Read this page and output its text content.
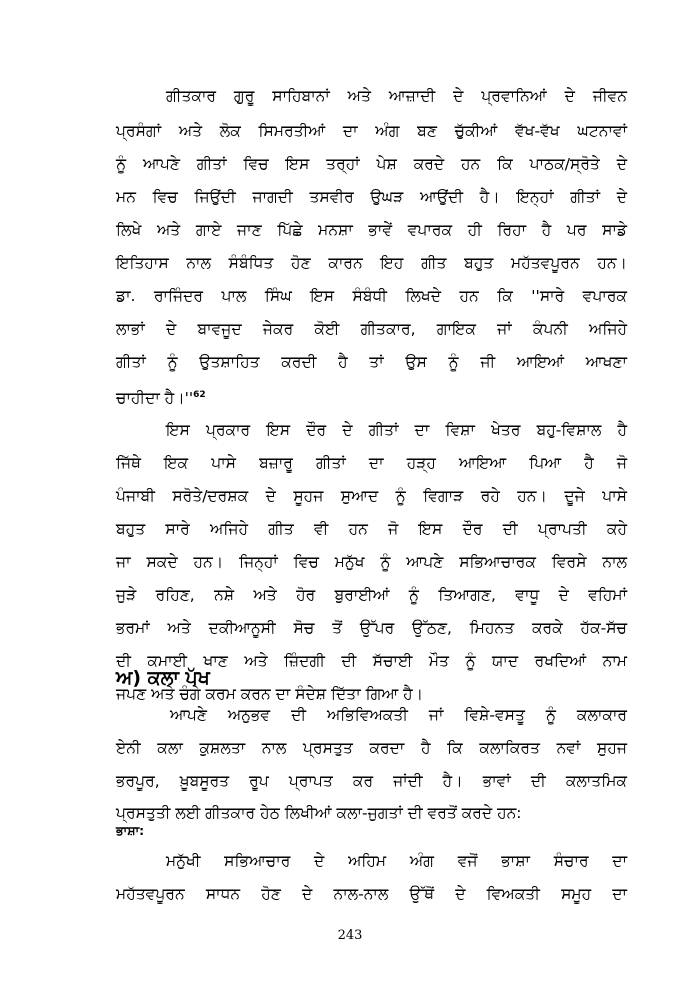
ਗੀਤਕਾਰ ਗੁਰੂ ਸਾਹਿਬਾਨਾਂ ਅਤੇ ਆਜ਼ਾਦੀ ਦੇ ਪ੍ਰਵਾਨਿਆਂ ਦੇ ਜੀਵਨ
ਪ੍ਰਸੰਗਾਂ ਅਤੇ ਲੋਕ ਸਿਮਰਤੀਆਂ ਦਾ ਅੰਗ ਬਣ ਚੁੱਕੀਆਂ ਵੱਖ-ਵੱਖ ਘਟਨਾਵਾਂ
ਨੂੰ ਆਪਣੇ ਗੀਤਾਂ ਵਿਚ ਇਸ ਤਰ੍ਹਾਂ ਪੇਸ਼ ਕਰਦੇ ਹਨ ਕਿ ਪਾਠਕ/ਸ੍ਰੋਤੇ ਦੇ
ਮਨ ਵਿਚ ਜਿਉਂਦੀ ਜਾਗਦੀ ਤਸਵੀਰ ਉਘੜ ਆਉਂਦੀ ਹੈ। ਇਨ੍ਹਾਂ ਗੀਤਾਂ ਦੇ
ਲਿਖੇ ਅਤੇ ਗਾਏ ਜਾਣ ਪਿੱਛੇ ਮਨਸ਼ਾ ਭਾਵੇਂ ਵਪਾਰਕ ਹੀ ਰਿਹਾ ਹੈ ਪਰ ਸਾਡੇ
ਇਤਿਹਾਸ ਨਾਲ ਸੰਬੰਧਿਤ ਹੋਣ ਕਾਰਨ ਇਹ ਗੀਤ ਬਹੁਤ ਮਹੱਤਵਪੂਰਨ ਹਨ।
ਡਾ. ਰਾਜਿੰਦਰ ਪਾਲ ਸਿੰਘ ਇਸ ਸੰਬੰਧੀ ਲਿਖਦੇ ਹਨ ਕਿ ''ਸਾਰੇ ਵਪਾਰਕ
ਲਾਭਾਂ ਦੇ ਬਾਵਜੂਦ ਜੇਕਰ ਕੋਈ ਗੀਤਕਾਰ, ਗਾਇਕ ਜਾਂ ਕੰਪਨੀ ਅਜਿਹੇ
ਗੀਤਾਂ ਨੂੰ ਉਤਸ਼ਾਹਿਤ ਕਰਦੀ ਹੈ ਤਾਂ ਉਸ ਨੂੰ ਜੀ ਆਇਆਂ ਆਖਣਾ
ਚਾਹੀਦਾ $ਹੈ।''^{62}$
ਇਸ ਪ੍ਰਕਾਰ ਇਸ ਦੌਰ ਦੇ ਗੀਤਾਂ ਦਾ ਵਿਸ਼ਾ ਖੇਤਰ ਬਹੁ-ਵਿਸ਼ਾਲ ਹੈ
ਜਿੱਥੇ ਇਕ ਪਾਸੇ ਬਜ਼ਾਰੂ ਗੀਤਾਂ ਦਾ ਹੜ੍ਹ ਆਇਆ ਪਿਆ ਹੈ ਜੋ
ਪੰਜਾਬੀ ਸਰੋਤੇ/ਦਰਸ਼ਕ ਦੇ ਸੂਹਜ ਸੁਆਦ ਨੂੰ ਵਿਗਾੜ ਰਹੇ ਹਨ। ਦੂਜੇ ਪਾਸੇ
ਬਹੁਤ ਸਾਰੇ ਅਜਿਹੇ ਗੀਤ ਵੀ ਹਨ ਜੋ ਇਸ ਦੌਰ ਦੀ ਪ੍ਰਾਪਤੀ ਕਹੇ
ਜਾ ਸਕਦੇ ਹਨ। ਜਿਨ੍ਹਾਂ ਵਿਚ ਮਨੁੱਖ ਨੂੰ ਆਪਣੇ ਸਭਿਆਚਾਰਕ ਵਿਰਸੇ ਨਾਲ
ਜੁੜੇ ਰਹਿਣ, ਨਸ਼ੇ ਅਤੇ ਹੋਰ ਬੁਰਾਈਆਂ ਨੂੰ ਤਿਆਗਣ, ਵਾਧੂ ਦੇ ਵਹਿਮਾਂ
ਭਰਮਾਂ ਅਤੇ ਦਕੀਆਨੂਸੀ ਸੋਚ ਤੋਂ ਉੱਪਰ ਉੱਠਣ, ਮਿਹਨਤ ਕਰਕੇ ਹੱਕ-ਸੱਚ
ਦੀ ਕਮਾਈ ਖਾਣ ਅਤੇ ਜ਼ਿੰਦਗੀ ਦੀ ਸੱਚਾਈ ਮੌਤ ਨੂੰ ਯਾਦ ਰਖਦਿਆਂ ਨਾਮ
ਜਪਣ ਅਤੇ ਚੰਗੇ ਕਰਮ ਕਰਨ ਦਾ ਸੰਦੇਸ਼ ਦਿੱਤਾ ਗਿਆ ਹੈ।
ਅ) ਕਲਾ ਪੱਖ
ਆਪਣੇ ਅਨੁਭਵ ਦੀ ਅਭਿਵਿਅਕਤੀ ਜਾਂ ਵਿਸ਼ੇ-ਵਸਤੂ ਨੂੰ ਕਲਾਕਾਰ
ਏਨੀ ਕਲਾ ਕੁਸ਼ਲਤਾ ਨਾਲ ਪ੍ਰਸਤੁਤ ਕਰਦਾ ਹੈ ਕਿ ਕਲਾਕਿਰਤ ਨਵਾਂ ਸੁਹਜ
ਭਰਪੂਰ, ਖ਼ੂਬਸੂਰਤ ਰੂਪ ਪ੍ਰਾਪਤ ਕਰ ਜਾਂਦੀ ਹੈ। ਭਾਵਾਂ ਦੀ ਕਲਾਤਮਿਕ
ਪ੍ਰਸਤੁਤੀ ਲਈ ਗੀਤਕਾਰ ਹੇਠ ਲਿਖੀਆਂ ਕਲਾ-ਜੁਗਤਾਂ ਦੀ ਵਰਤੋਂ ਕਰਦੇ ਹਨ:
ਭਾਸ਼ਾ:
ਮਨੁੱਖੀ ਸਭਿਆਚਾਰ ਦੇ ਅਹਿਮ ਅੰਗ ਵਜੋਂ ਭਾਸ਼ਾ ਸੰਚਾਰ ਦਾ
ਮਹੱਤਵਪੂਰਨ ਸਾਧਨ ਹੋਣ ਦੇ ਨਾਲ-ਨਾਲ ਉੱਥੋਂ ਦੇ ਵਿਅਕਤੀ ਸਮੂਹ ਦਾ
243
